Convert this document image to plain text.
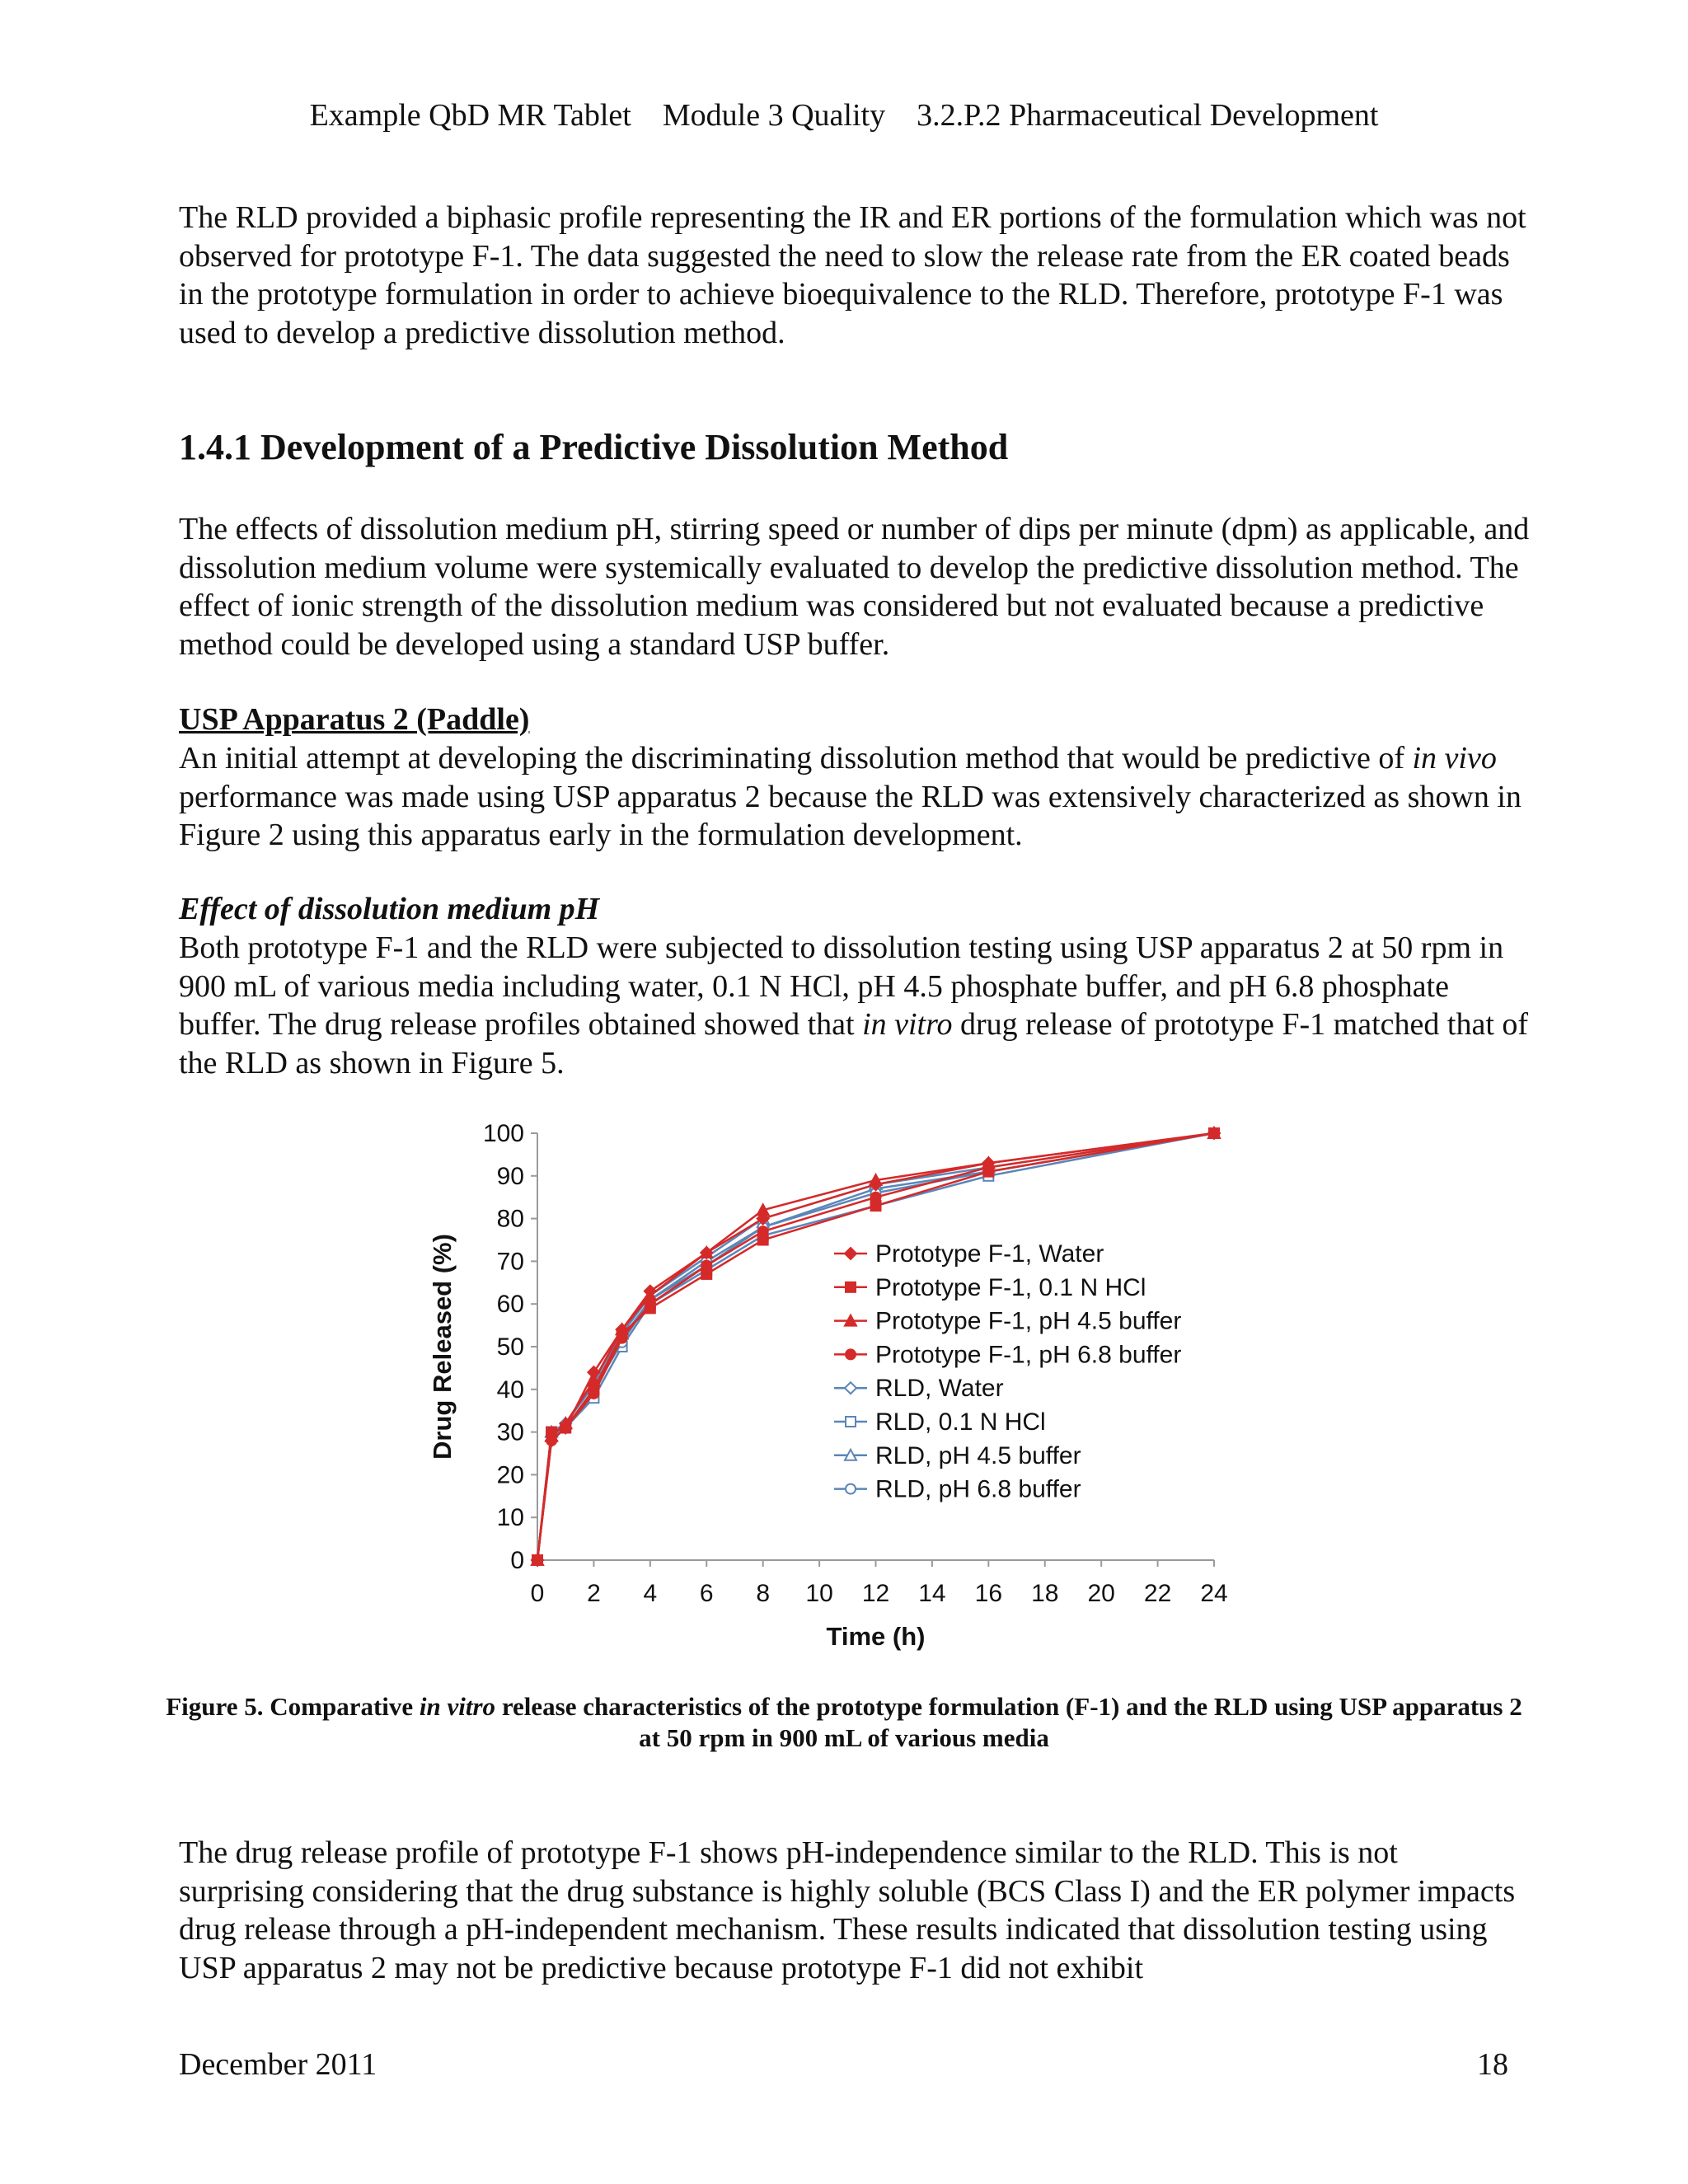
Example QbD MR Tablet Module 3 Quality 3.2.P.2 Pharmaceutical Development
The RLD provided a biphasic profile representing the IR and ER portions of the formulation which was not observed for prototype F-1. The data suggested the need to slow the release rate from the ER coated beads in the prototype formulation in order to achieve bioequivalence to the RLD. Therefore, prototype F-1 was used to develop a predictive dissolution method.
1.4.1 Development of a Predictive Dissolution Method
The effects of dissolution medium pH, stirring speed or number of dips per minute (dpm) as applicable, and dissolution medium volume were systemically evaluated to develop the predictive dissolution method. The effect of ionic strength of the dissolution medium was considered but not evaluated because a predictive method could be developed using a standard USP buffer.
USP Apparatus 2 (Paddle)
An initial attempt at developing the discriminating dissolution method that would be predictive of in vivo performance was made using USP apparatus 2 because the RLD was extensively characterized as shown in Figure 2 using this apparatus early in the formulation development.
Effect of dissolution medium pH
Both prototype F-1 and the RLD were subjected to dissolution testing using USP apparatus 2 at 50 rpm in 900 mL of various media including water, 0.1 N HCl, pH 4.5 phosphate buffer, and pH 6.8 phosphate buffer. The drug release profiles obtained showed that in vitro drug release of prototype F-1 matched that of the RLD as shown in Figure 5.
0
10
20
30
40
50
60
70
80
90
100
0 2 4 6 8 10 12 14 16 18 20 22 24
Time (h)
Drug Released (%)	Prototype F-1, Water
Prototype F-1, 0.1 N HCl
Prototype F-1, pH 4.5 buffer
Prototype F-1, pH 6.8 buffer
RLD, Water
RLD, 0.1 N HCl
RLD, pH 4.5 buffer
RLD, pH 6.8 buffer
Figure 5. Comparative in vitro release characteristics of the prototype formulation (F-1) and the RLD using USP apparatus 2 at 50 rpm in 900 mL of various media
The drug release profile of prototype F-1 shows pH-independence similar to the RLD. This is not surprising considering that the drug substance is highly soluble (BCS Class I) and the ER polymer impacts drug release through a pH-independent mechanism. These results indicated that dissolution testing using USP apparatus 2 may not be predictive because prototype F-1 did not exhibit
December 2011	18
